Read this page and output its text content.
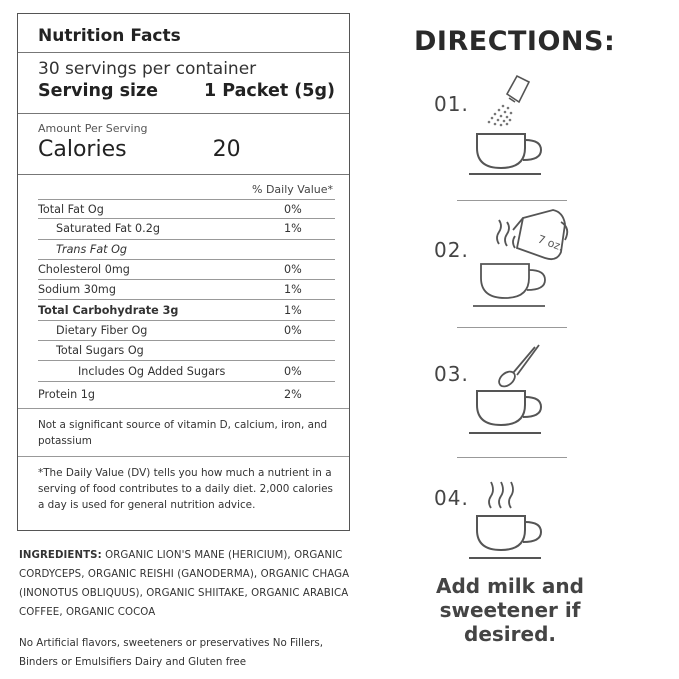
Nutrition Facts
30 servings per container
Serving size	1 Packet (5g)
Amount Per Serving
Calories	20
% Daily Value*
Total Fat Og	0%
Saturated Fat 0.2g	1%
Trans Fat Og
Cholesterol 0mg	0%
Sodium 30mg	1%
Total Carbohydrate 3g	1%
Dietary Fiber Og	0%
Total Sugars Og
Includes Og Added Sugars	0%
Protein 1g	2%
Not a significant source of vitamin D, calcium, iron, and potassium
*The Daily Value (DV) tells you how much a nutrient in a serving of food contributes to a daily diet. 2,000 calories a day is used for general nutrition advice.
INGREDIENTS: ORGANIC LION'S MANE (HERICIUM), ORGANIC CORDYCEPS, ORGANIC REISHI (GANODERMA), ORGANIC CHAGA (INONOTUS OBLIQUUS), ORGANIC SHIITAKE, ORGANIC ARABICA COFFEE, ORGANIC COCOA
No Artificial flavors, sweeteners or preservatives No Fillers, Binders or Emulsifiers Dairy and Gluten free
DIRECTIONS:
01.
02.	7 oz.
03.
04.
Add milk and sweetener if desired.
